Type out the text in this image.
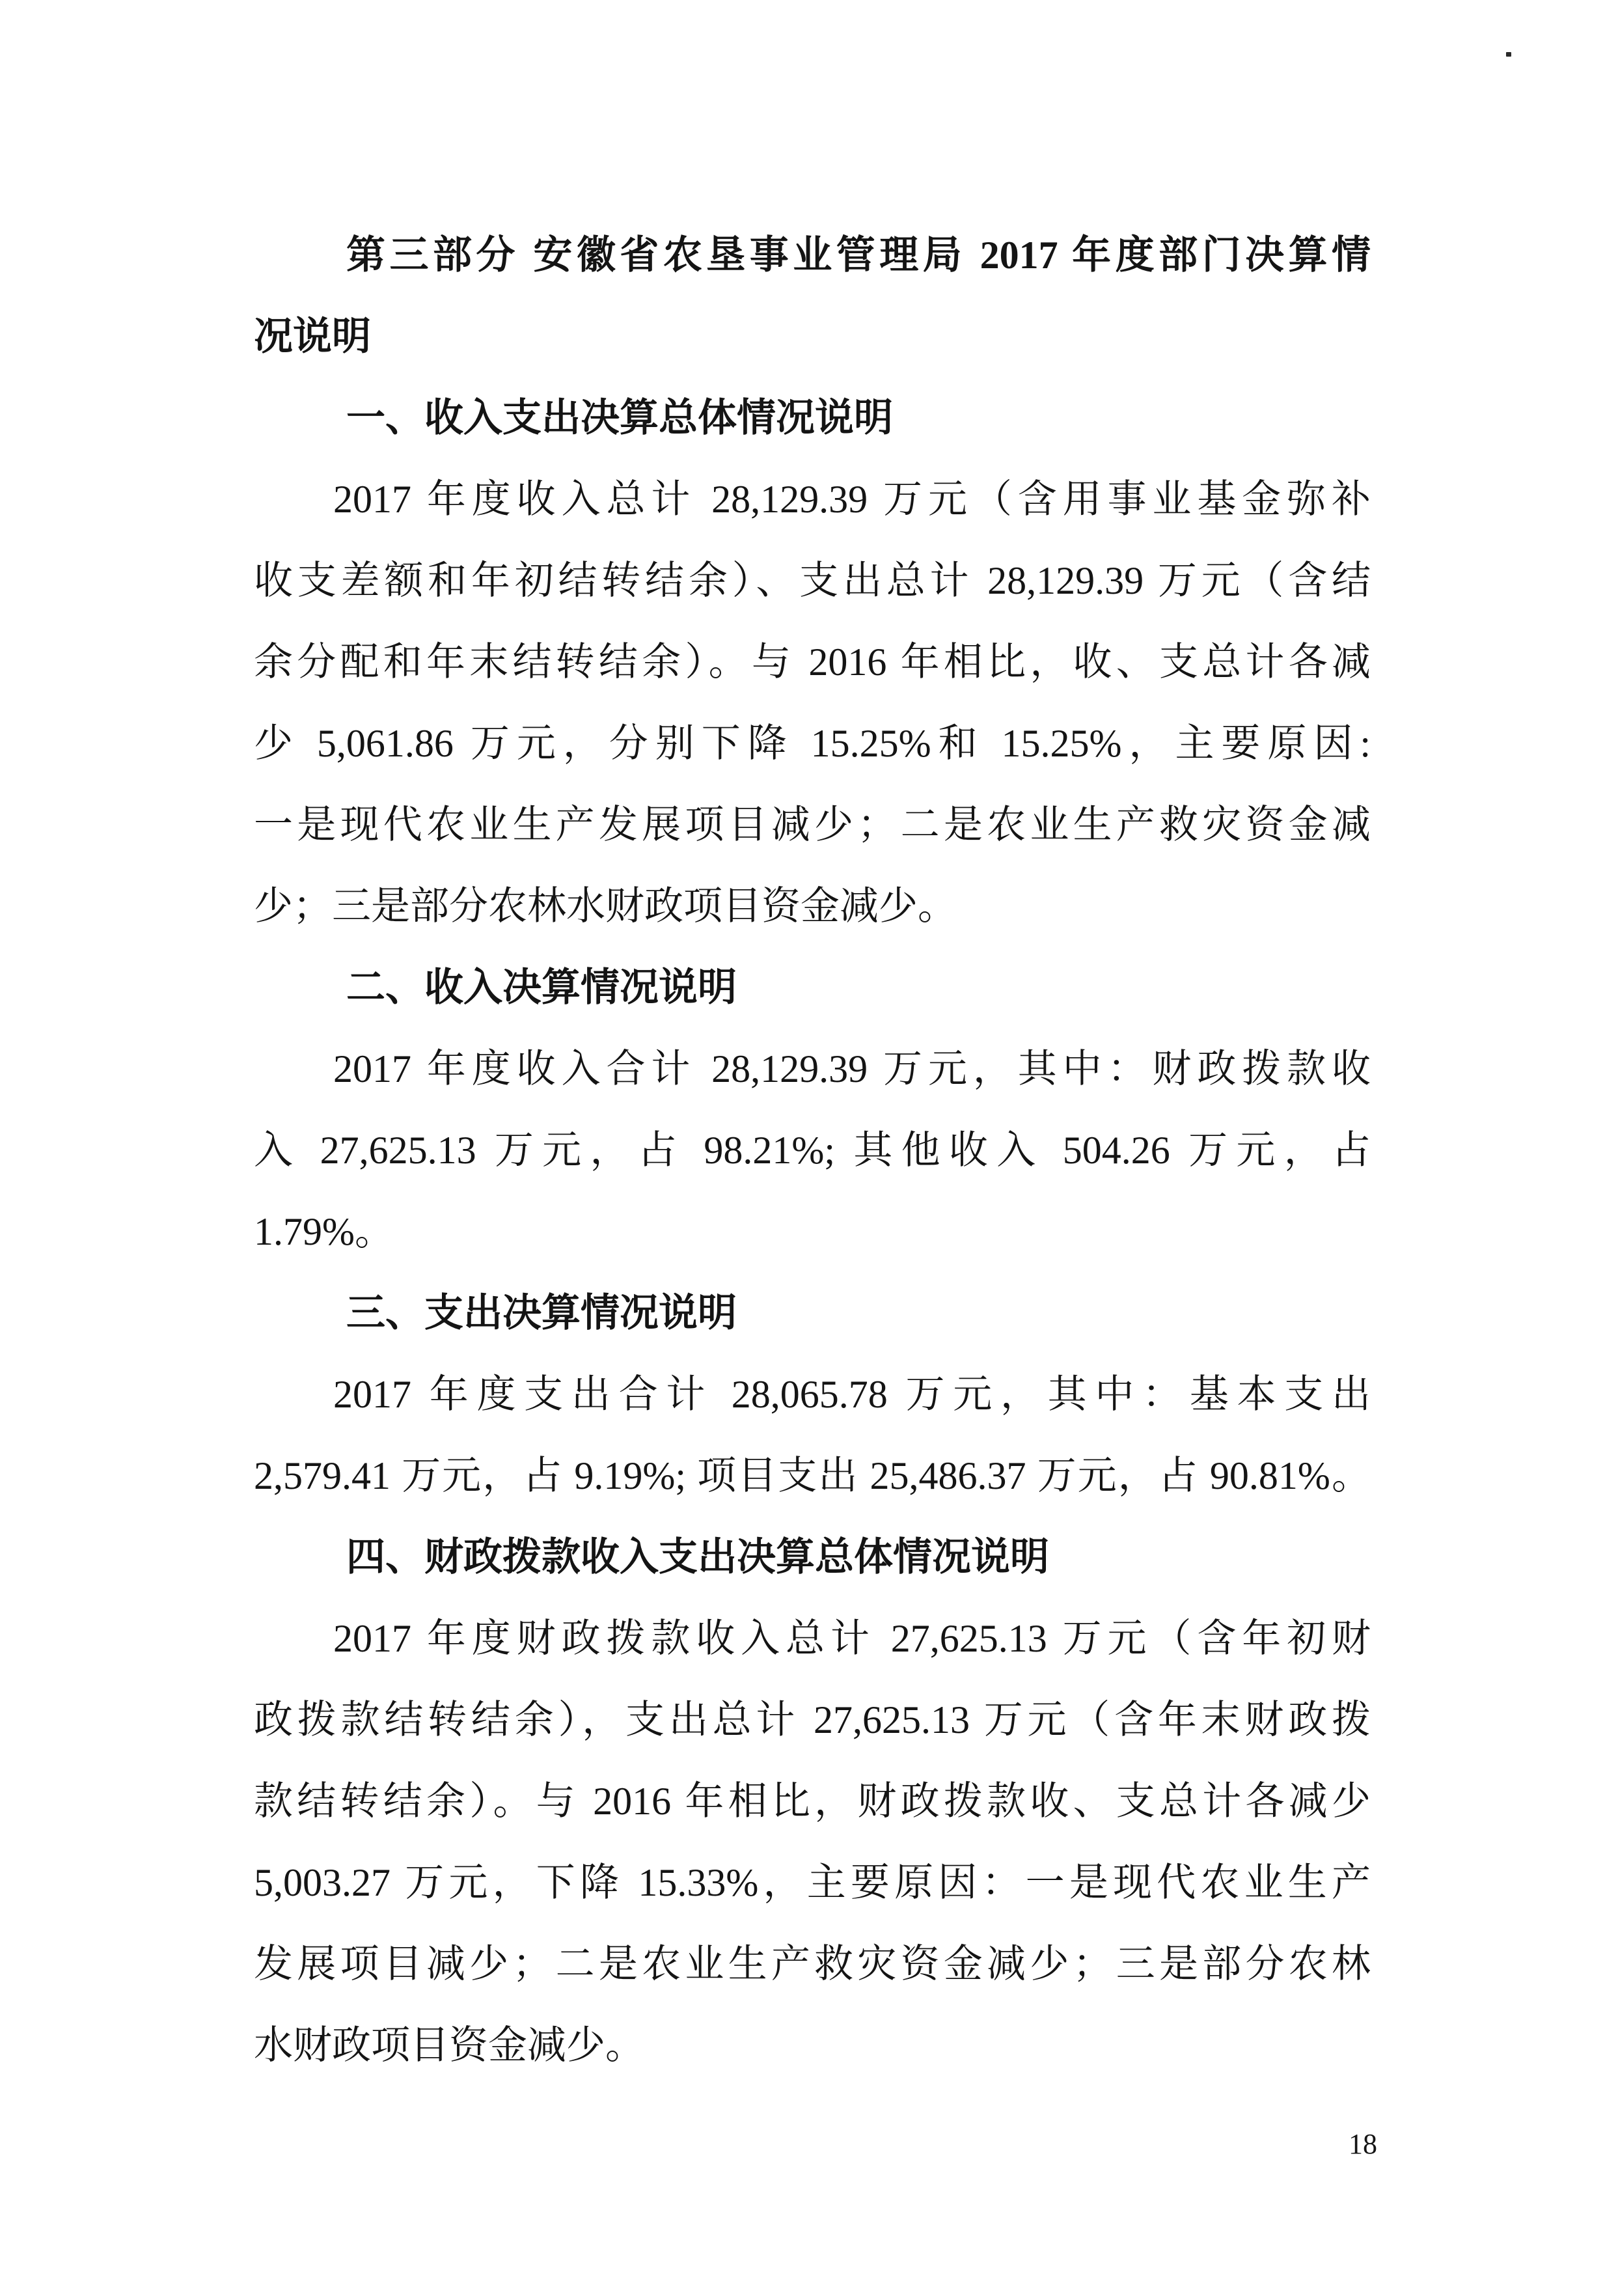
第三部分 安徽省农垦事业管理局 2017 年度部门决算情
况说明
一、收入支出决算总体情况说明
2017 年度收入总计 28,129.39 万元（含用事业基金弥补
收支差额和年初结转结余）、支出总计 28,129.39 万元（含结
余分配和年末结转结余）。与 2016 年相比，收、支总计各减
少 5,061.86 万元，分别下降 15.25%和 15.25%，主要原因:
一是现代农业生产发展项目减少；二是农业生产救灾资金减
少；三是部分农林水财政项目资金减少。
二、收入决算情况说明
2017 年度收入合计 28,129.39 万元，其中：财政拨款收
入 27,625.13 万元，占 98.21%; 其他收入 504.26 万元，占
1.79%。
三、支出决算情况说明
2017 年度支出合计 28,065.78 万元，其中：基本支出
2,579.41 万元，占 9.19%; 项目支出 25,486.37 万元，占 90.81%。
四、财政拨款收入支出决算总体情况说明
2017 年度财政拨款收入总计 27,625.13 万元（含年初财
政拨款结转结余），支出总计 27,625.13 万元（含年末财政拨
款结转结余）。与 2016 年相比，财政拨款收、支总计各减少
5,003.27 万元，下降 15.33%，主要原因：一是现代农业生产
发展项目减少；二是农业生产救灾资金减少；三是部分农林
水财政项目资金减少。
18
